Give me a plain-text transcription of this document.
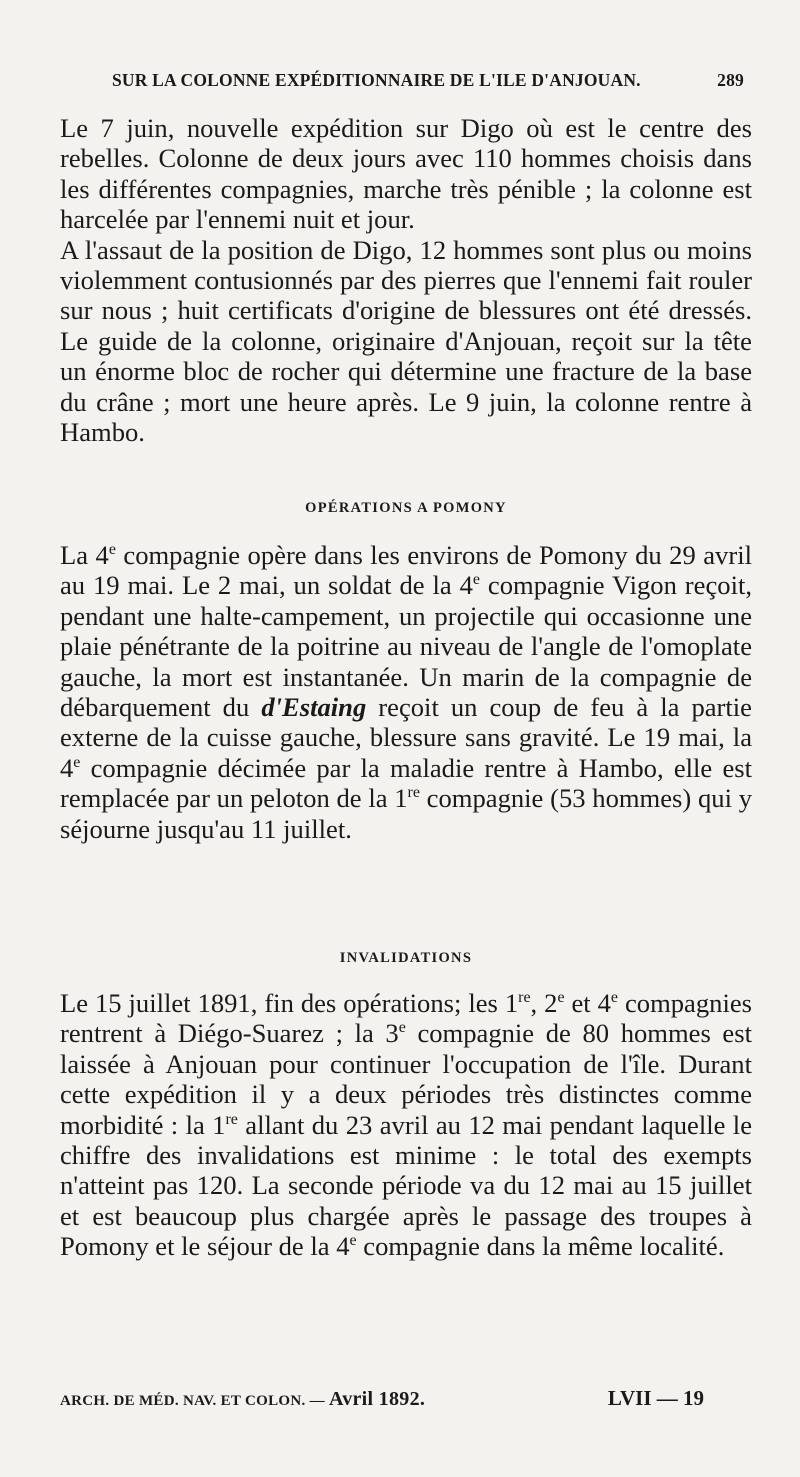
SUR LA COLONNE EXPÉDITIONNAIRE DE L'ILE D'ANJOUAN.	289

Le 7 juin, nouvelle expédition sur Digo où est le centre des rebelles. Colonne de deux jours avec 110 hommes choisis dans les différentes compagnies, marche très pénible ; la colonne est harcelée par l'ennemi nuit et jour.

A l'assaut de la position de Digo, 12 hommes sont plus ou moins violemment contusionnés par des pierres que l'ennemi fait rouler sur nous ; huit certificats d'origine de blessures ont été dressés. Le guide de la colonne, originaire d'Anjouan, reçoit sur la tête un énorme bloc de rocher qui détermine une fracture de la base du crâne ; mort une heure après. Le 9 juin, la colonne rentre à Hambo.

OPÉRATIONS A POMONY

La 4e compagnie opère dans les environs de Pomony du 29 avril au 19 mai. Le 2 mai, un soldat de la 4e compagnie Vigon reçoit, pendant une halte-campement, un projectile qui occasionne une plaie pénétrante de la poitrine au niveau de l'angle de l'omoplate gauche, la mort est instantanée. Un marin de la compagnie de débarquement du d'Estaing reçoit un coup de feu à la partie externe de la cuisse gauche, blessure sans gravité. Le 19 mai, la 4e compagnie décimée par la maladie rentre à Hambo, elle est remplacée par un peloton de la 1re compagnie (53 hommes) qui y séjourne jusqu'au 11 juillet.

INVALIDATIONS

Le 15 juillet 1891, fin des opérations; les 1re, 2e et 4e compagnies rentrent à Diégo-Suarez ; la 3e compagnie de 80 hommes est laissée à Anjouan pour continuer l'occupation de l'île. Durant cette expédition il y a deux périodes très distinctes comme morbidité : la 1re allant du 23 avril au 12 mai pendant laquelle le chiffre des invalidations est minime : le total des exempts n'atteint pas 120. La seconde période va du 12 mai au 15 juillet et est beaucoup plus chargée après le passage des troupes à Pomony et le séjour de la 4e compagnie dans la même localité.

ARCH. DE MÉD. NAV. ET COLON. — Avril 1892.	LVII — 19
